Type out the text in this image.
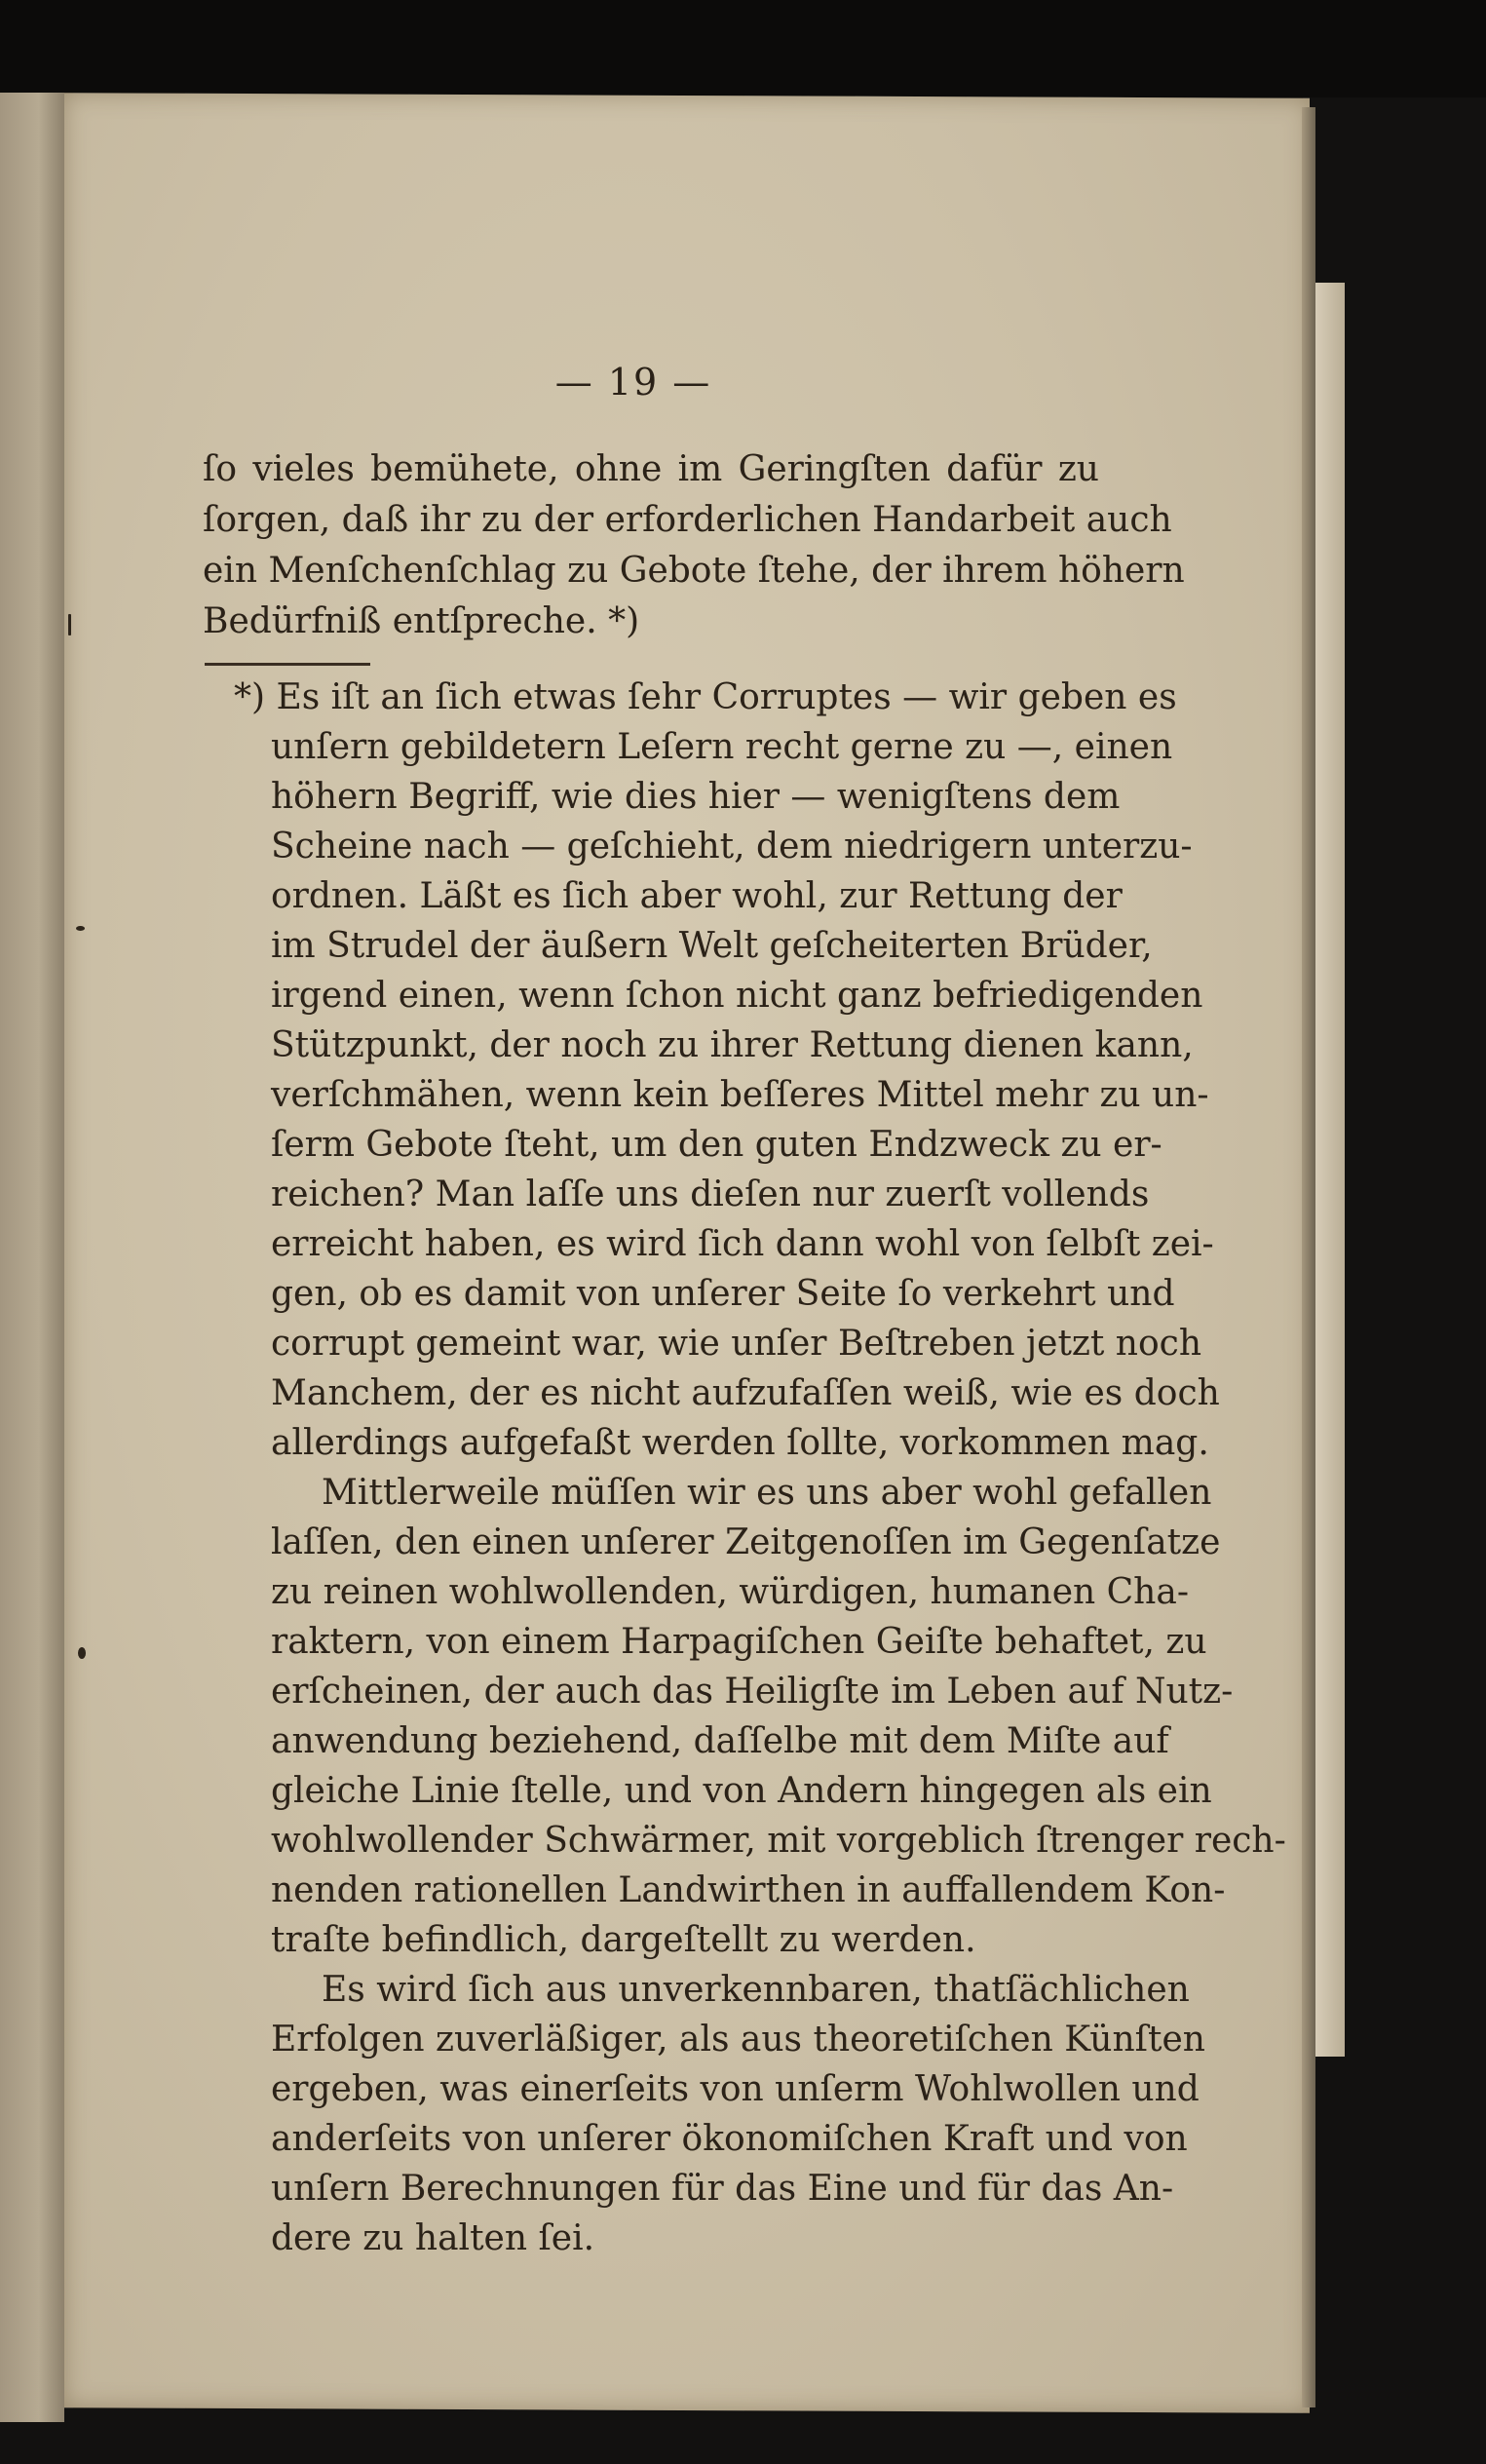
— 19 —
ſo vieles bemühete, ohne im Geringſten dafür zu
ſorgen, daß ihr zu der erforderlichen Handarbeit auch
ein Menſchenſchlag zu Gebote ſtehe, der ihrem höhern
Bedürfniß entſpreche. *)
*) Es iſt an ſich etwas ſehr Corruptes — wir geben es
unſern gebildetern Leſern recht gerne zu —, einen
höhern Begriff, wie dies hier — wenigſtens dem
Scheine nach — geſchieht, dem niedrigern unterzu-
ordnen. Läßt es ſich aber wohl, zur Rettung der
im Strudel der äußern Welt geſcheiterten Brüder,
irgend einen, wenn ſchon nicht ganz befriedigenden
Stützpunkt, der noch zu ihrer Rettung dienen kann,
verſchmähen, wenn kein beſſeres Mittel mehr zu un-
ſerm Gebote ſteht, um den guten Endzweck zu er-
reichen? Man laſſe uns dieſen nur zuerſt vollends
erreicht haben, es wird ſich dann wohl von ſelbſt zei-
gen, ob es damit von unſerer Seite ſo verkehrt und
corrupt gemeint war, wie unſer Beſtreben jetzt noch
Manchem, der es nicht aufzufaſſen weiß, wie es doch
allerdings aufgefaßt werden ſollte, vorkommen mag.
Mittlerweile müſſen wir es uns aber wohl gefallen
laſſen, den einen unſerer Zeitgenoſſen im Gegenſatze
zu reinen wohlwollenden, würdigen, humanen Cha-
raktern, von einem Harpagiſchen Geiſte behaftet, zu
erſcheinen, der auch das Heiligſte im Leben auf Nutz-
anwendung beziehend, daſſelbe mit dem Miſte auf
gleiche Linie ſtelle, und von Andern hingegen als ein
wohlwollender Schwärmer, mit vorgeblich ſtrenger rech-
nenden rationellen Landwirthen in auffallendem Kon-
traſte befindlich, dargeſtellt zu werden.
Es wird ſich aus unverkennbaren, thatſächlichen
Erfolgen zuverläßiger, als aus theoretiſchen Künſten
ergeben, was einerſeits von unſerm Wohlwollen und
anderſeits von unſerer ökonomiſchen Kraft und von
unſern Berechnungen für das Eine und für das An-
dere zu halten ſei.
